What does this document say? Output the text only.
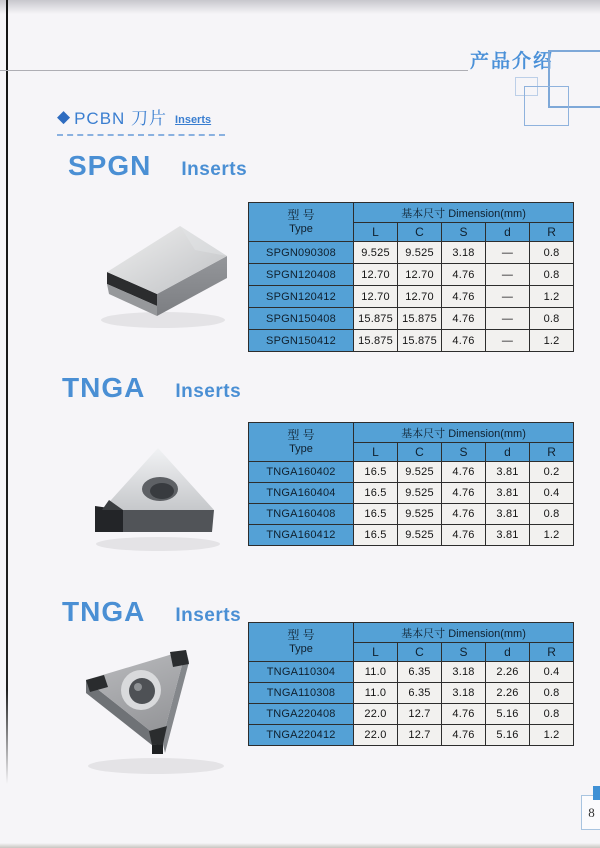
产品介绍
◆ PCBN 刀片 Inserts
SPGN Inserts
型 号
Type	基本尺寸 Dimension(mm)				
	L	C	S	d	R
SPGN090308	9.525	9.525	3.18	—	0.8
SPGN120408	12.70	12.70	4.76	—	0.8
SPGN120412	12.70	12.70	4.76	—	1.2
SPGN150408	15.875	15.875	4.76	—	0.8
SPGN150412	15.875	15.875	4.76	—	1.2
TNGA Inserts
型 号
Type	基本尺寸 Dimension(mm)				
	L	C	S	d	R
TNGA160402	16.5	9.525	4.76	3.81	0.2
TNGA160404	16.5	9.525	4.76	3.81	0.4
TNGA160408	16.5	9.525	4.76	3.81	0.8
TNGA160412	16.5	9.525	4.76	3.81	1.2
TNGA Inserts
型 号
Type	基本尺寸 Dimension(mm)				
	L	C	S	d	R
TNGA110304	11.0	6.35	3.18	2.26	0.4
TNGA110308	11.0	6.35	3.18	2.26	0.8
TNGA220408	22.0	12.7	4.76	5.16	0.8
TNGA220412	22.0	12.7	4.76	5.16	1.2
8
